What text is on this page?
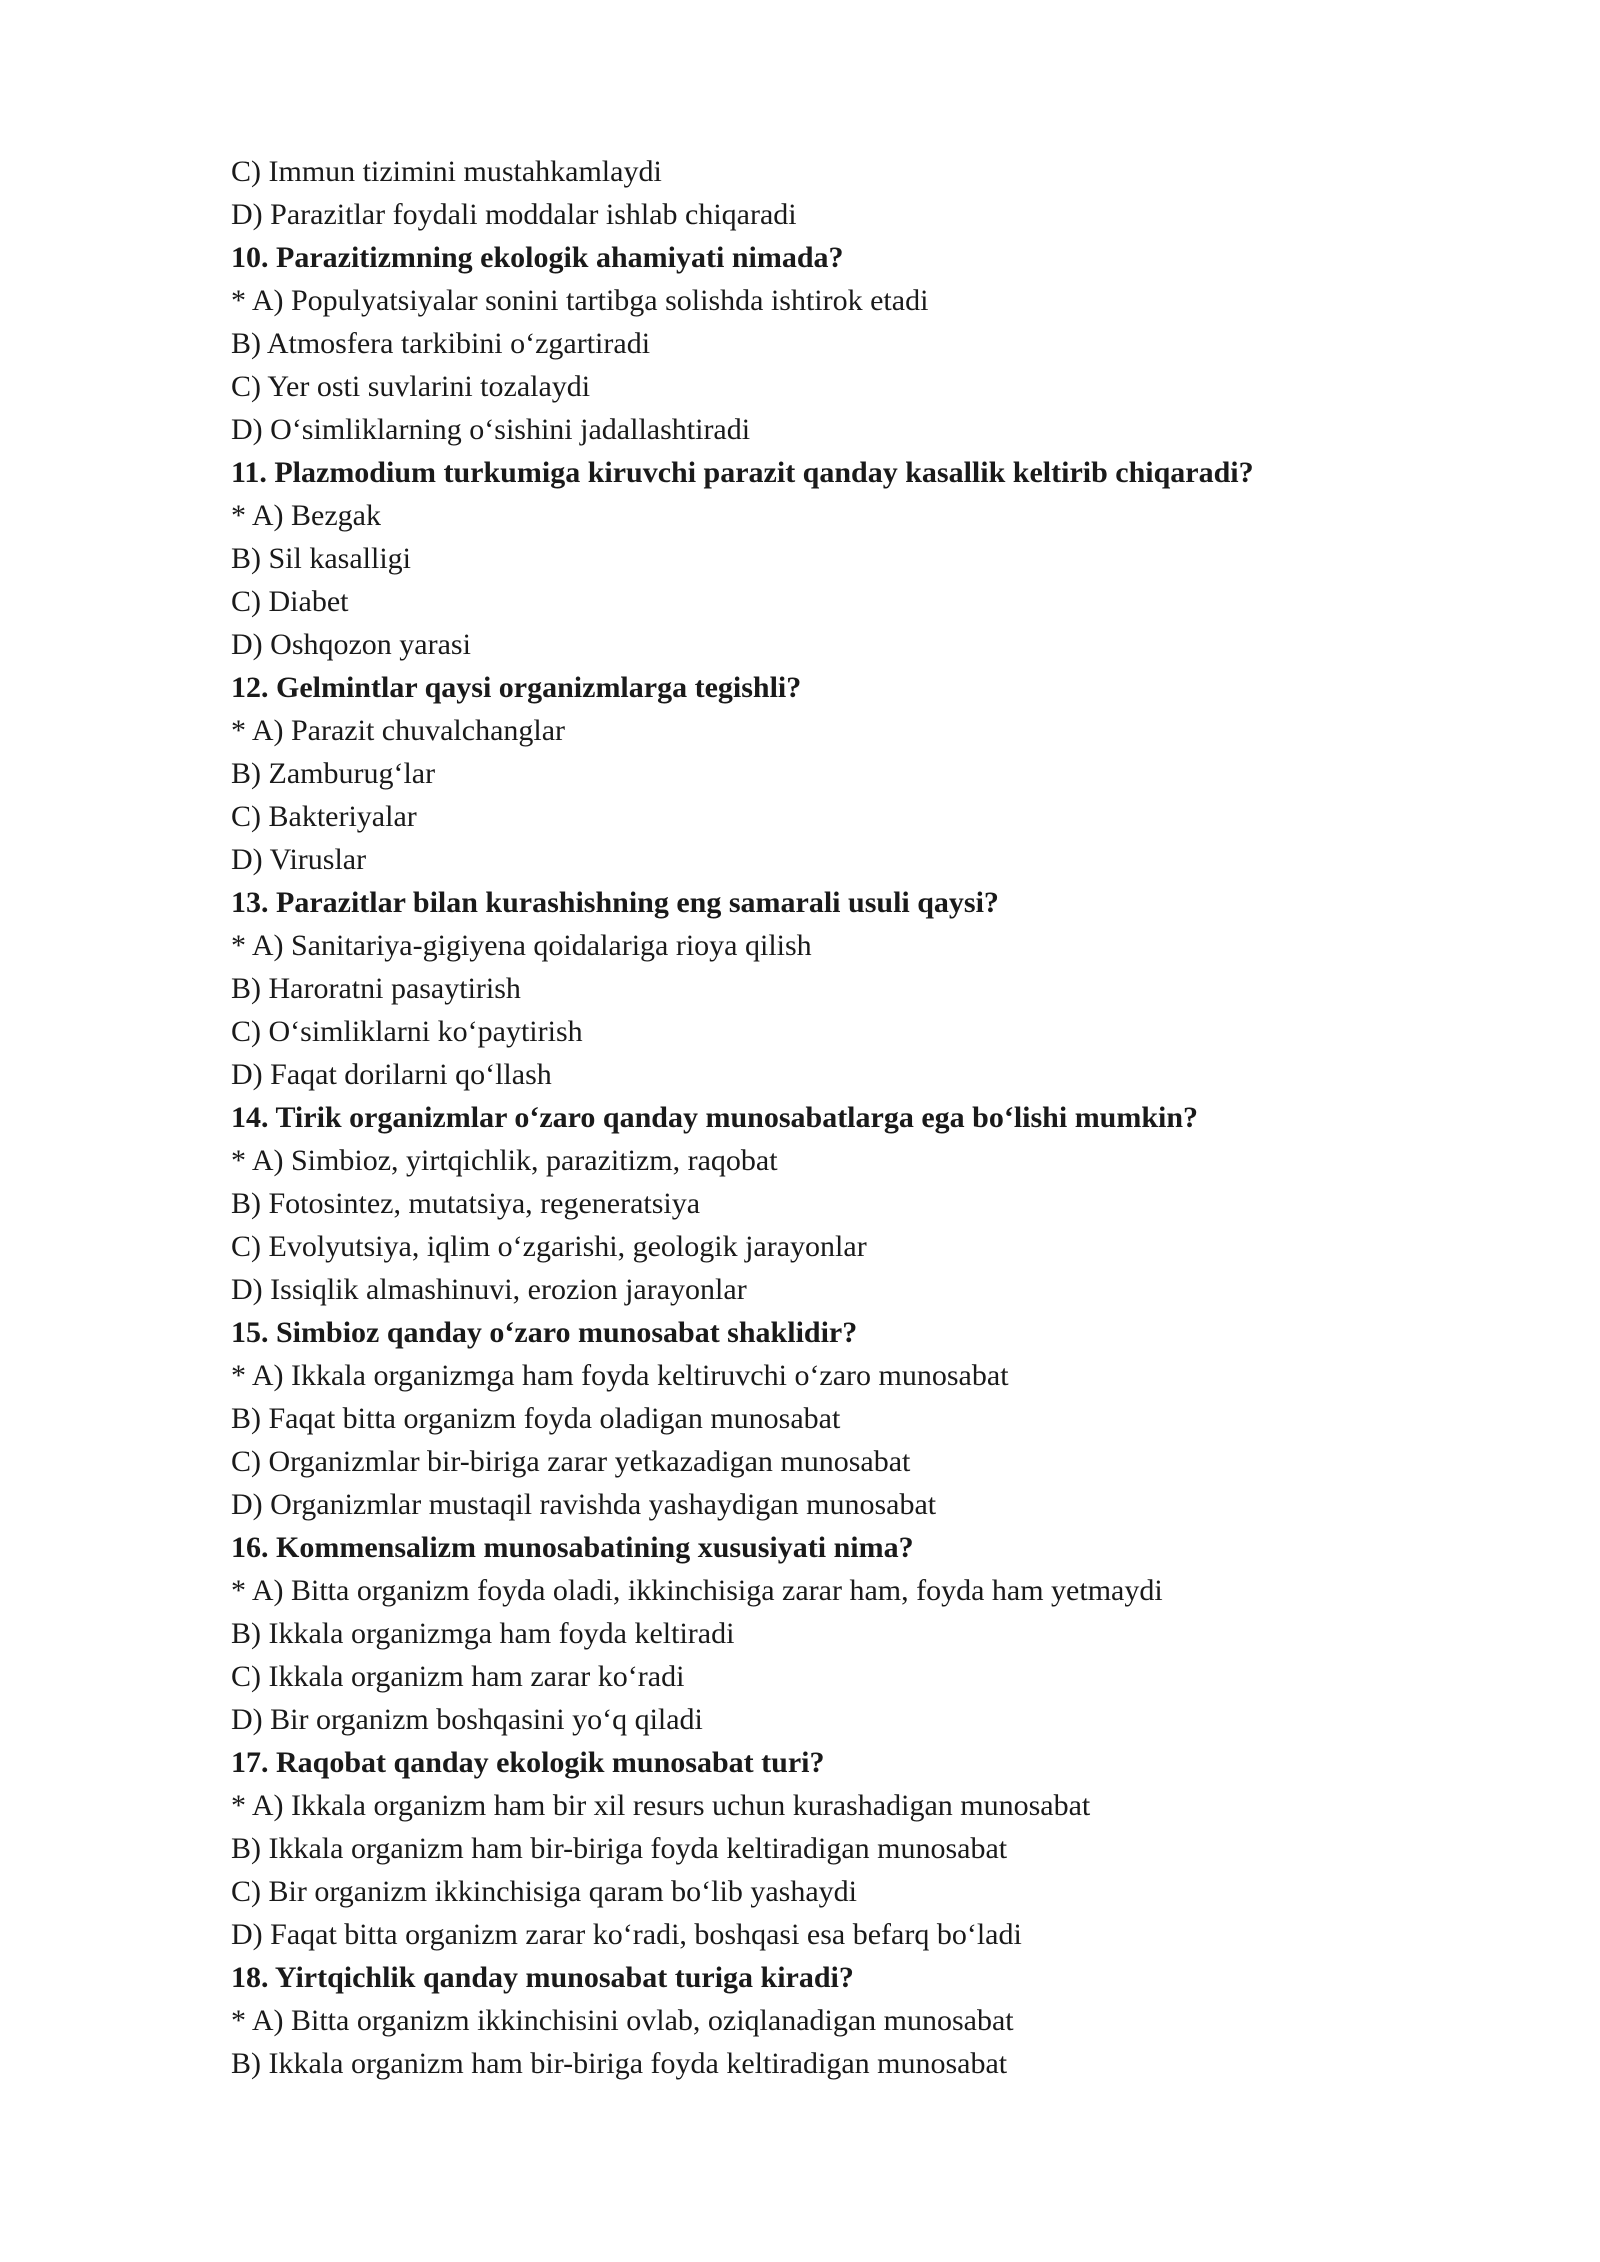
C) Immun tizimini mustahkamlaydi
D) Parazitlar foydali moddalar ishlab chiqaradi
10. Parazitizmning ekologik ahamiyati nimada?
* A) Populyatsiyalar sonini tartibga solishda ishtirok etadi
B) Atmosfera tarkibini o‘zgartiradi
C) Yer osti suvlarini tozalaydi
D) O‘simliklarning o‘sishini jadallashtiradi
11. Plazmodium turkumiga kiruvchi parazit qanday kasallik keltirib chiqaradi?
* A) Bezgak
B) Sil kasalligi
C) Diabet
D) Oshqozon yarasi
12. Gelmintlar qaysi organizmlarga tegishli?
* A) Parazit chuvalchanglar
B) Zamburug‘lar
C) Bakteriyalar
D) Viruslar
13. Parazitlar bilan kurashishning eng samarali usuli qaysi?
* A) Sanitariya-gigiyena qoidalariga rioya qilish
B) Haroratni pasaytirish
C) O‘simliklarni ko‘paytirish
D) Faqat dorilarni qo‘llash
14. Tirik organizmlar o‘zaro qanday munosabatlarga ega bo‘lishi mumkin?
* A) Simbioz, yirtqichlik, parazitizm, raqobat
B) Fotosintez, mutatsiya, regeneratsiya
C) Evolyutsiya, iqlim o‘zgarishi, geologik jarayonlar
D) Issiqlik almashinuvi, erozion jarayonlar
15. Simbioz qanday o‘zaro munosabat shaklidir?
* A) Ikkala organizmga ham foyda keltiruvchi o‘zaro munosabat
B) Faqat bitta organizm foyda oladigan munosabat
C) Organizmlar bir-biriga zarar yetkazadigan munosabat
D) Organizmlar mustaqil ravishda yashaydigan munosabat
16. Kommensalizm munosabatining xususiyati nima?
* A) Bitta organizm foyda oladi, ikkinchisiga zarar ham, foyda ham yetmaydi
B) Ikkala organizmga ham foyda keltiradi
C) Ikkala organizm ham zarar ko‘radi
D) Bir organizm boshqasini yo‘q qiladi
17. Raqobat qanday ekologik munosabat turi?
* A) Ikkala organizm ham bir xil resurs uchun kurashadigan munosabat
B) Ikkala organizm ham bir-biriga foyda keltiradigan munosabat
C) Bir organizm ikkinchisiga qaram bo‘lib yashaydi
D) Faqat bitta organizm zarar ko‘radi, boshqasi esa befarq bo‘ladi
18. Yirtqichlik qanday munosabat turiga kiradi?
* A) Bitta organizm ikkinchisini ovlab, oziqlanadigan munosabat
B) Ikkala organizm ham bir-biriga foyda keltiradigan munosabat
